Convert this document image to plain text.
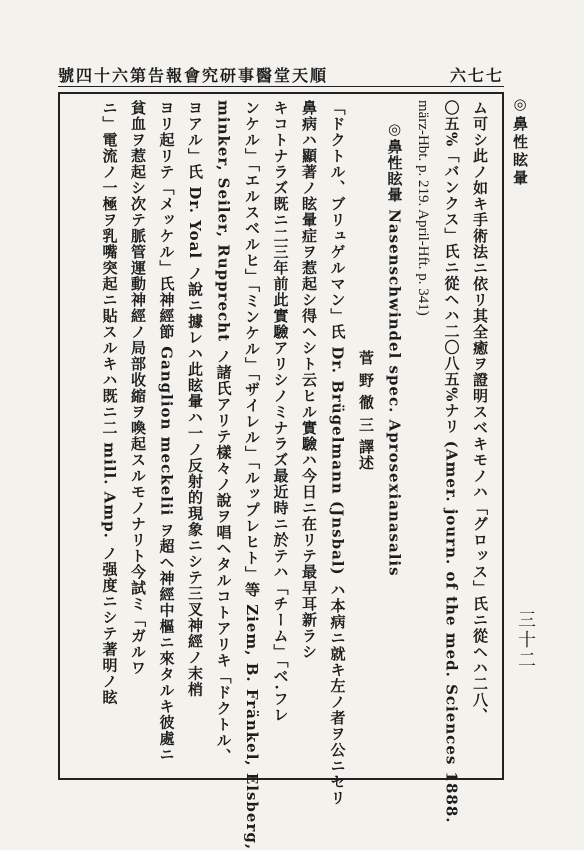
號四十六第告報會究研事醫堂天順	六七七
◎鼻性眩暈
三十二

ム可シ此ノ如キ手術法ニ依リ其全癒ヲ證明スベキモノハ「グロッス」氏ニ從ヘハ二八、

〇五%「バンクス」氏ニ從ヘハ二〇八五%ナリ (Amer. journ. of the med. Sciences 1888.

märz-Hbt. p. 219. April-Hft. p. 341)

◎鼻性眩暈 Nasenschwindel spec. Aprosexianasalis

菅 野 徹 三 譯述

「ドクトル、ブリュゲルマン」氏 Dr. Brügelmann (Jnsbal) ハ本病ニ就キ左ノ者ヲ公ニセリ

鼻病ハ顯著ノ眩暈症ヲ惹起シ得ヘシト云ヒル實驗ハ今日ニ在リテ最早耳新ラシ

キコトナラズ既ニ二三年前此實驗アリシノミナラズ最近時ニ於テハ「チーム」「ベ.フレ

ンケル」「エルスベルヒ」「ミンケル」「ザイレル」「ルップレヒト」等 Ziem, B. Fränkel, Elsberg,

minker, Seiler, Rupprecht ノ諸氏アリテ樣々ノ說ヲ唱ヘタルコトアリキ「ドクトル、

ヨアル」氏 Dr. Yoal ノ說ニ據レハ此眩暈ハ一ノ反射的現象ニシテ三叉神經ノ末梢

ヨリ起リテ「メッケル」氏神經節 Ganglion meckelii ヲ超ヘ神經中樞ニ來タルキ彼處ニ

貧血ヲ惹起シ次テ脈管運動神經ノ局部收縮ヲ喚起スルモノナリト今試ミ「ガルワ

ニ」電流ノ一極ヲ乳嘴突起ニ貼スルキハ既ニ二 mill. Amp. ノ强度ニシテ著明ノ眩
